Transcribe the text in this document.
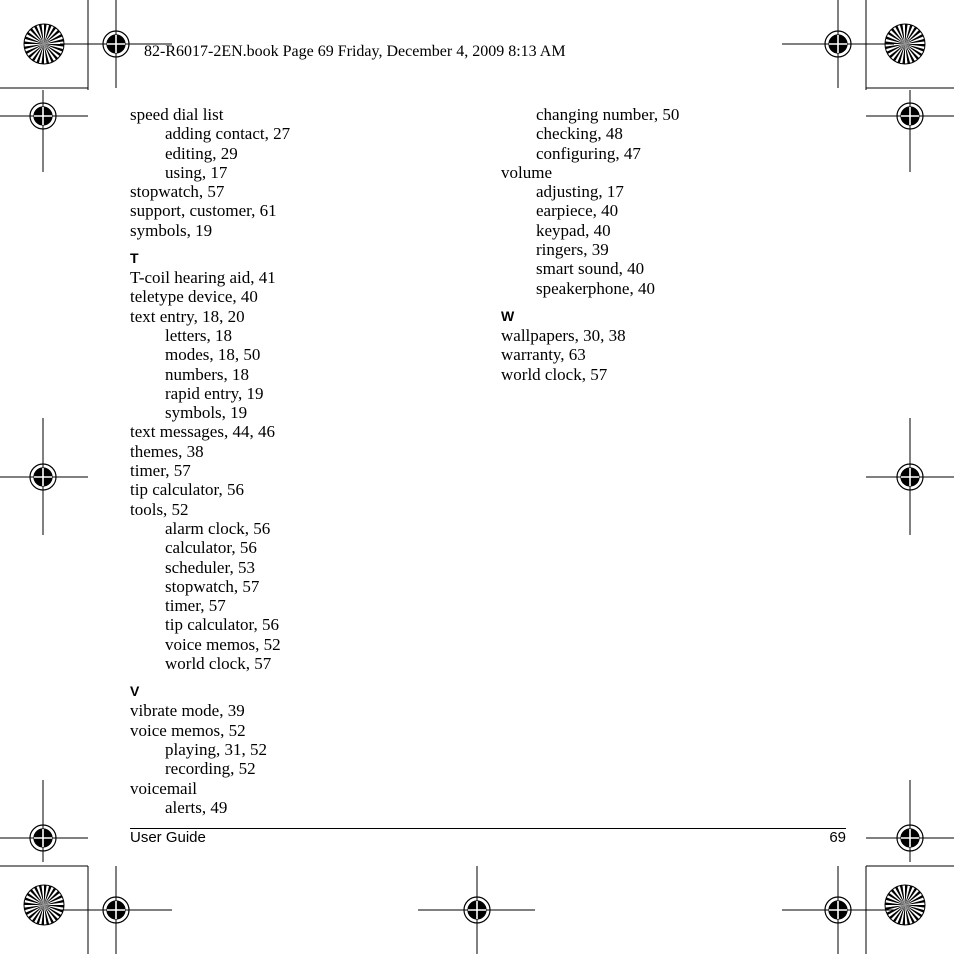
82-R6017-2EN.book Page 69 Friday, December 4, 2009 8:13 AM
speed dial list
adding contact, 27
editing, 29
using, 17
stopwatch, 57
support, customer, 61
symbols, 19
T
T-coil hearing aid, 41
teletype device, 40
text entry, 18, 20
letters, 18
modes, 18, 50
numbers, 18
rapid entry, 19
symbols, 19
text messages, 44, 46
themes, 38
timer, 57
tip calculator, 56
tools, 52
alarm clock, 56
calculator, 56
scheduler, 53
stopwatch, 57
timer, 57
tip calculator, 56
voice memos, 52
world clock, 57
V
vibrate mode, 39
voice memos, 52
playing, 31, 52
recording, 52
voicemail
alerts, 49
changing number, 50
checking, 48
configuring, 47
volume
adjusting, 17
earpiece, 40
keypad, 40
ringers, 39
smart sound, 40
speakerphone, 40
W
wallpapers, 30, 38
warranty, 63
world clock, 57
User Guide	69
